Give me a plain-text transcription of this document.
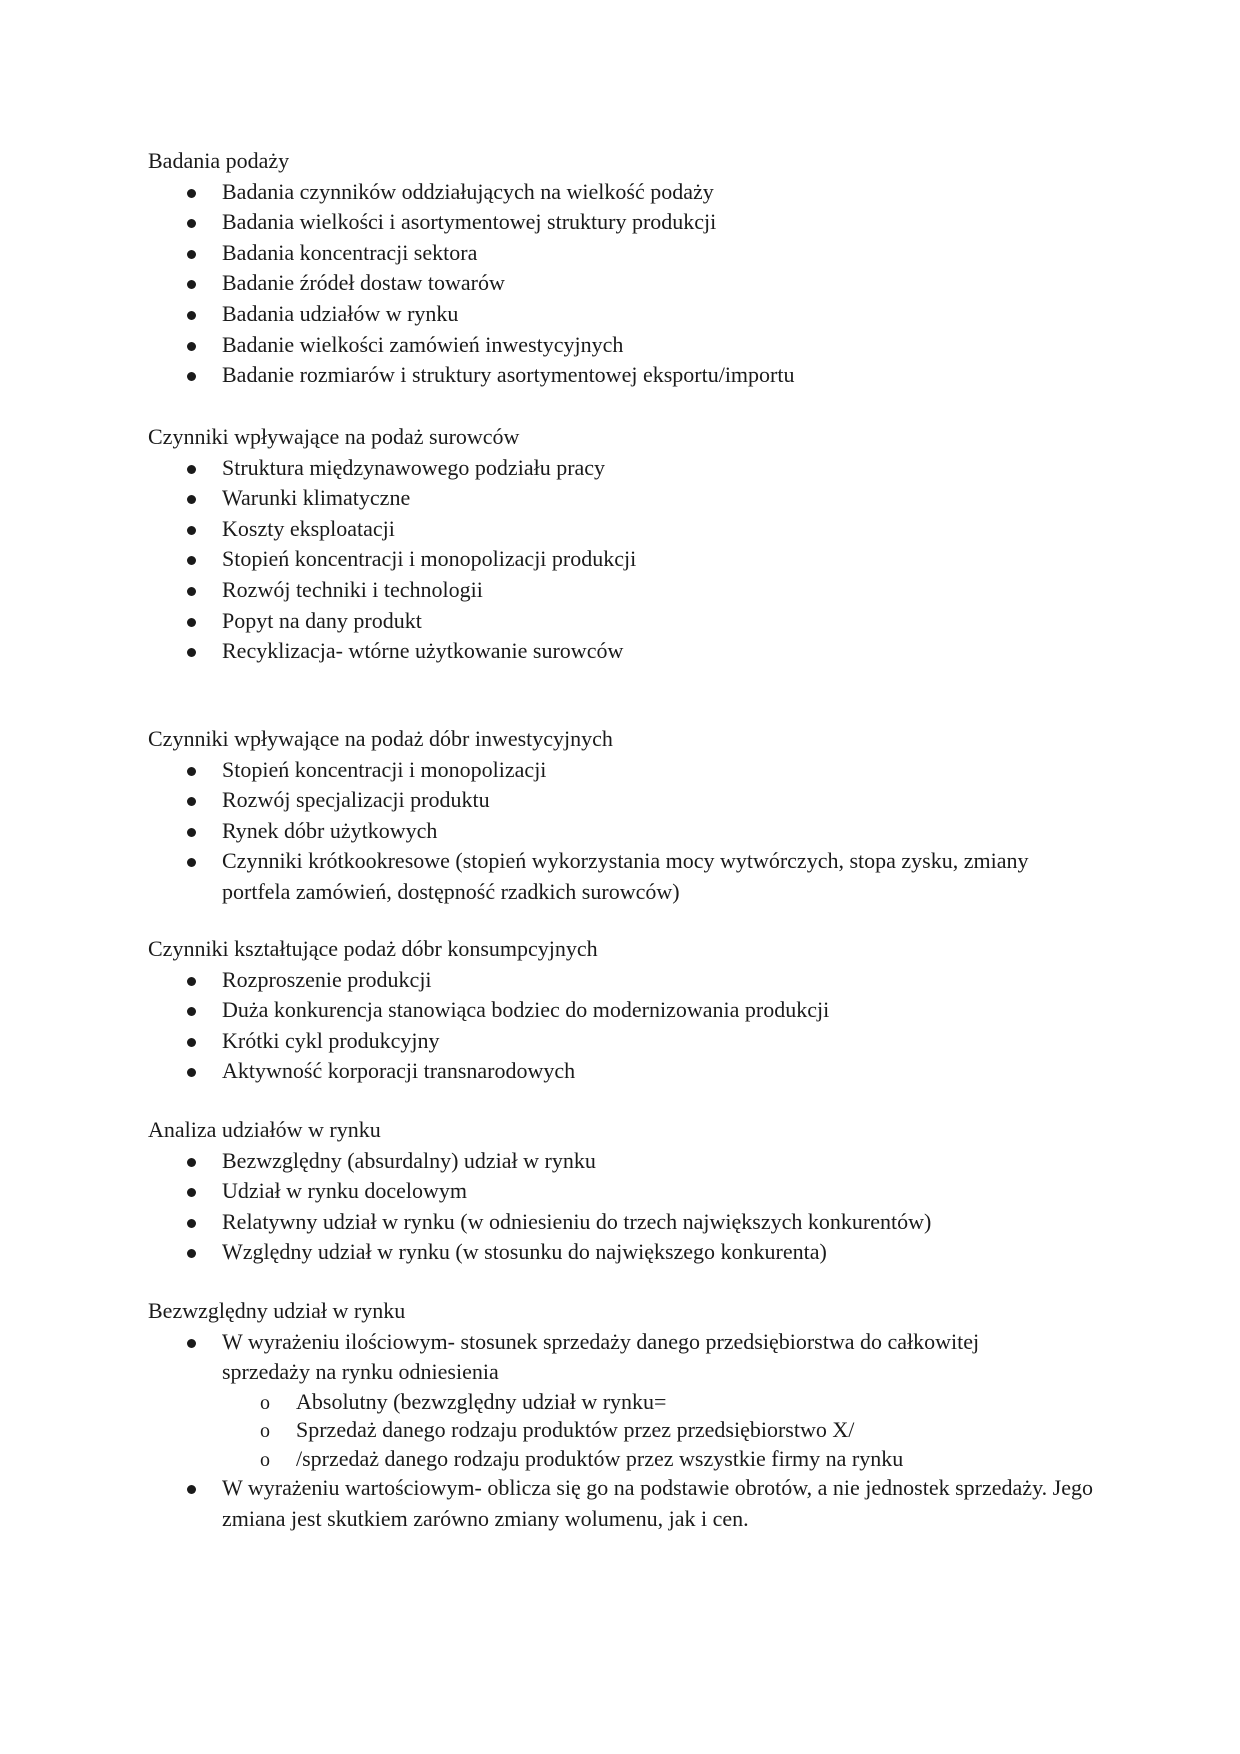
Badania podaży

Badania czynników oddziałujących na wielkość podaży
Badania wielkości i asortymentowej struktury produkcji
Badania koncentracji sektora
Badanie źródeł dostaw towarów
Badania udziałów w rynku
Badanie wielkości zamówień inwestycyjnych
Badanie rozmiarów i struktury asortymentowej eksportu/importu

Czynniki wpływające na podaż surowców

Struktura międzynawowego podziału pracy
Warunki klimatyczne
Koszty eksploatacji
Stopień koncentracji i monopolizacji produkcji
Rozwój techniki i technologii
Popyt na dany produkt
Recyklizacja- wtórne użytkowanie surowców

Czynniki wpływające na podaż dóbr inwestycyjnych

Stopień koncentracji i monopolizacji
Rozwój specjalizacji produktu
Rynek dóbr użytkowych
Czynniki krótkookresowe (stopień wykorzystania mocy wytwórczych, stopa zysku, zmiany portfela zamówień, dostępność rzadkich surowców)

Czynniki kształtujące podaż dóbr konsumpcyjnych

Rozproszenie produkcji
Duża konkurencja stanowiąca bodziec do modernizowania produkcji
Krótki cykl produkcyjny
Aktywność korporacji transnarodowych

Analiza udziałów w rynku

Bezwzględny (absurdalny) udział w rynku
Udział w rynku docelowym
Relatywny udział w rynku (w odniesieniu do trzech największych konkurentów)
Względny udział w rynku (w stosunku do największego konkurenta)

Bezwzględny udział w rynku

W wyrażeniu ilościowym- stosunek sprzedaży danego przedsiębiorstwa do całkowitej sprzedaży na rynku odniesienia
o Absolutny (bezwzględny udział w rynku=
o Sprzedaż danego rodzaju produktów przez przedsiębiorstwo X/
o /sprzedaż danego rodzaju produktów przez wszystkie firmy na rynku
W wyrażeniu wartościowym- oblicza się go na podstawie obrotów, a nie jednostek sprzedaży. Jego zmiana jest skutkiem zarówno zmiany wolumenu, jak i cen.
